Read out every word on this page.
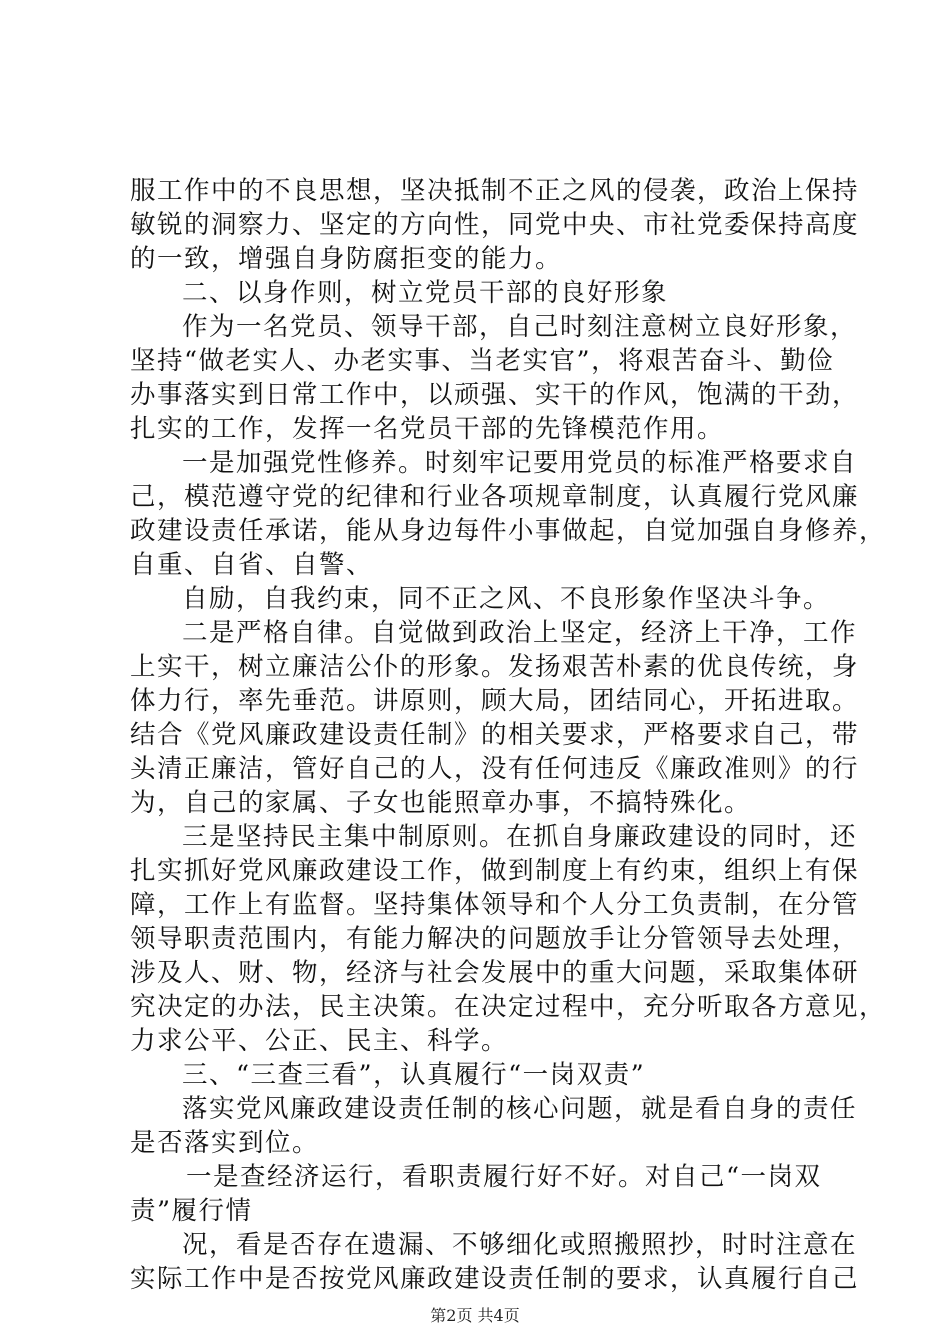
服工作中的不良思想，坚决抵制不正之风的侵袭，政治上保持
敏锐的洞察力、坚定的方向性，同党中央、市社党委保持高度
的一致，增强自身防腐拒变的能力。
二、以身作则，树立党员干部的良好形象
作为一名党员、领导干部，自己时刻注意树立良好形象，
坚持“做老实人、办老实事、当老实官”，将艰苦奋斗、勤俭
办事落实到日常工作中，以顽强、实干的作风，饱满的干劲，
扎实的工作，发挥一名党员干部的先锋模范作用。
一是加强党性修养。时刻牢记要用党员的标准严格要求自
己，模范遵守党的纪律和行业各项规章制度，认真履行党风廉
政建设责任承诺，能从身边每件小事做起，自觉加强自身修养，
自重、自省、自警、
自励，自我约束，同不正之风、不良形象作坚决斗争。
二是严格自律。自觉做到政治上坚定，经济上干净，工作
上实干，树立廉洁公仆的形象。发扬艰苦朴素的优良传统，身
体力行，率先垂范。讲原则，顾大局，团结同心，开拓进取。
结合《党风廉政建设责任制》的相关要求，严格要求自己，带
头清正廉洁，管好自己的人，没有任何违反《廉政准则》的行
为，自己的家属、子女也能照章办事，不搞特殊化。
三是坚持民主集中制原则。在抓自身廉政建设的同时，还
扎实抓好党风廉政建设工作，做到制度上有约束，组织上有保
障，工作上有监督。坚持集体领导和个人分工负责制，在分管
领导职责范围内，有能力解决的问题放手让分管领导去处理，
涉及人、财、物，经济与社会发展中的重大问题，采取集体研
究决定的办法，民主决策。在决定过程中，充分听取各方意见，
力求公平、公正、民主、科学。
三、“三查三看”，认真履行“一岗双责”
落实党风廉政建设责任制的核心问题，就是看自身的责任
是否落实到位。
一是查经济运行，看职责履行好不好。对自己“一岗双
责”履行情
况，看是否存在遗漏、不够细化或照搬照抄，时时注意在
实际工作中是否按党风廉政建设责任制的要求，认真履行自己
第2页 共4页
